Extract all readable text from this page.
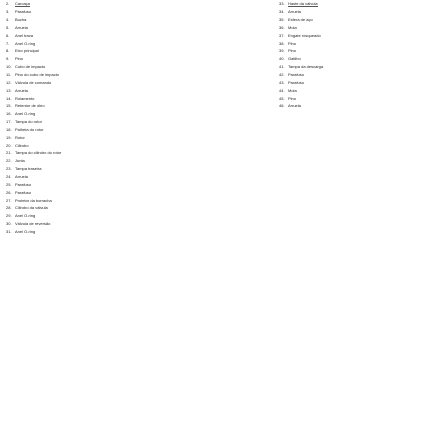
2.	Carcaça
3.	Parafuso
4.	Bucha
5.	Arruela
6.	Anel trava
7.	Anel O-ring
8.	Eixo principal
9.	Pino
10. Cubo de impacto
11. Pino do cubo de impacto
12. Válvula de comando
13. Arruela
14. Rolamento
15. Retentor de óleo
16. Anel O-ring
17. Tampa do rotor
18. Palheta do rotor
19. Rotor
20. Cilindro
21. Tampa do cilindro do rotor
22. Junta
23. Tampa traseira
24. Arruela
25. Parafuso
26. Parafuso
27. Protetor da borracha
28. Cilindro da válvula
29. Anel O-ring
30. Válvula de reversão
31. Anel O-ring
33. Haste da válvula
34. Arruela
35. Esfera de aço
36. Mola
37. Engate rosqueado
38. Pino
39. Pino
40. Gatilho
41. Tampa da descarga
42. Parafuso
43. Parafuso
44. Mola
45. Pino
46. Arruela
